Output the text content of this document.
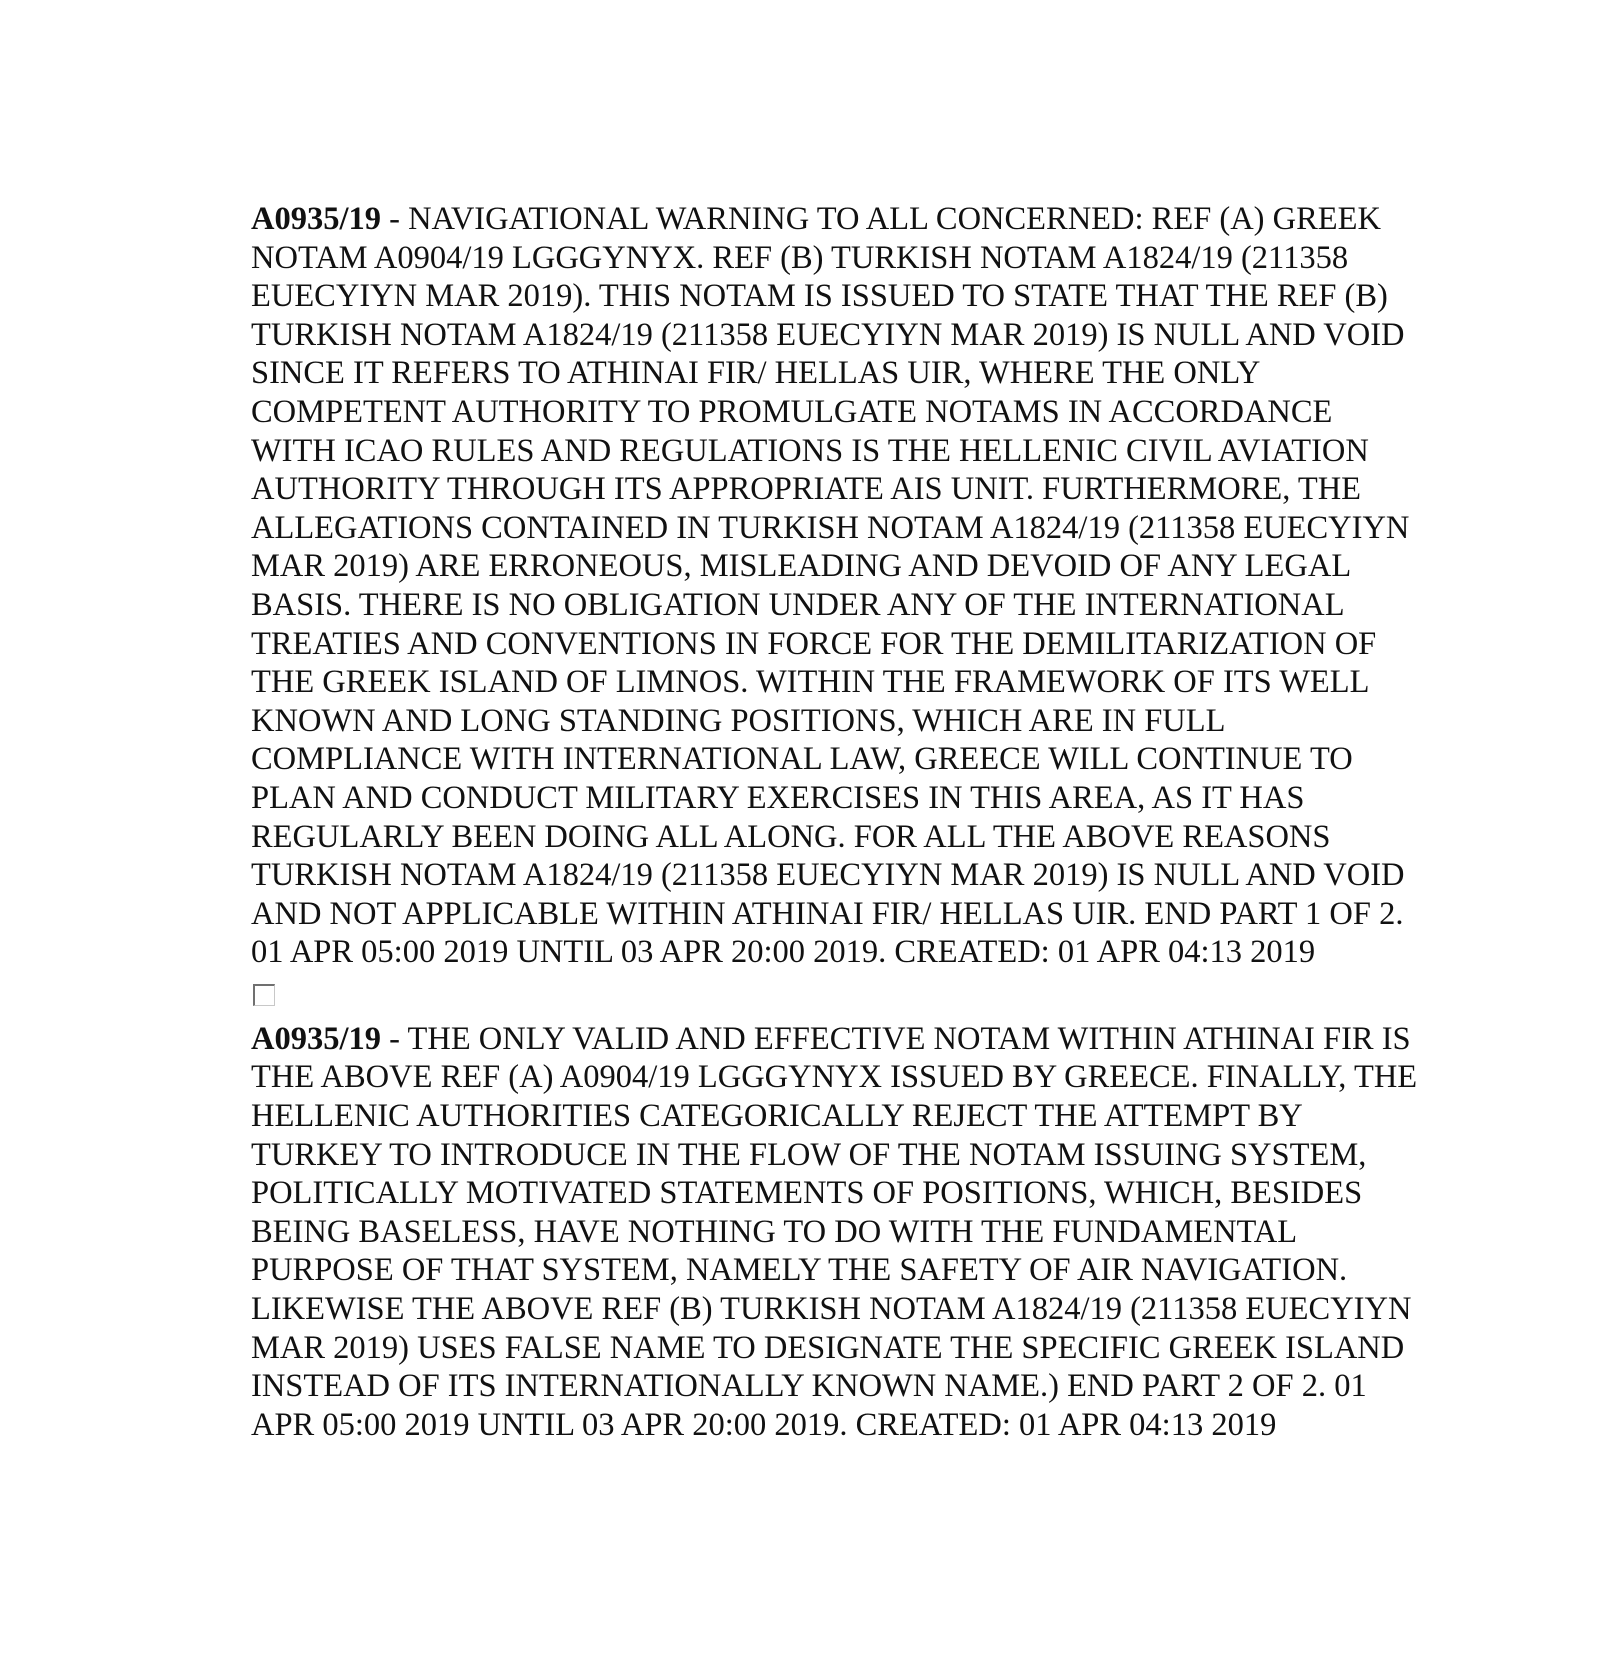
A0935/19 - NAVIGATIONAL WARNING TO ALL CONCERNED: REF (A) GREEK
NOTAM A0904/19 LGGGYNYX. REF (B) TURKISH NOTAM A1824/19 (211358
EUECYIYN MAR 2019). THIS NOTAM IS ISSUED TO STATE THAT THE REF (B)
TURKISH NOTAM A1824/19 (211358 EUECYIYN MAR 2019) IS NULL AND VOID
SINCE IT REFERS TO ATHINAI FIR/ HELLAS UIR, WHERE THE ONLY
COMPETENT AUTHORITY TO PROMULGATE NOTAMS IN ACCORDANCE
WITH ICAO RULES AND REGULATIONS IS THE HELLENIC CIVIL AVIATION
AUTHORITY THROUGH ITS APPROPRIATE AIS UNIT. FURTHERMORE, THE
ALLEGATIONS CONTAINED IN TURKISH NOTAM A1824/19 (211358 EUECYIYN
MAR 2019) ARE ERRONEOUS, MISLEADING AND DEVOID OF ANY LEGAL
BASIS. THERE IS NO OBLIGATION UNDER ANY OF THE INTERNATIONAL
TREATIES AND CONVENTIONS IN FORCE FOR THE DEMILITARIZATION OF
THE GREEK ISLAND OF LIMNOS. WITHIN THE FRAMEWORK OF ITS WELL
KNOWN AND LONG STANDING POSITIONS, WHICH ARE IN FULL
COMPLIANCE WITH INTERNATIONAL LAW, GREECE WILL CONTINUE TO
PLAN AND CONDUCT MILITARY EXERCISES IN THIS AREA, AS IT HAS
REGULARLY BEEN DOING ALL ALONG. FOR ALL THE ABOVE REASONS
TURKISH NOTAM A1824/19 (211358 EUECYIYN MAR 2019) IS NULL AND VOID
AND NOT APPLICABLE WITHIN ATHINAI FIR/ HELLAS UIR. END PART 1 OF 2.
01 APR 05:00 2019 UNTIL 03 APR 20:00 2019. CREATED: 01 APR 04:13 2019
A0935/19 - THE ONLY VALID AND EFFECTIVE NOTAM WITHIN ATHINAI FIR IS
THE ABOVE REF (A) A0904/19 LGGGYNYX ISSUED BY GREECE. FINALLY, THE
HELLENIC AUTHORITIES CATEGORICALLY REJECT THE ATTEMPT BY
TURKEY TO INTRODUCE IN THE FLOW OF THE NOTAM ISSUING SYSTEM,
POLITICALLY MOTIVATED STATEMENTS OF POSITIONS, WHICH, BESIDES
BEING BASELESS, HAVE NOTHING TO DO WITH THE FUNDAMENTAL
PURPOSE OF THAT SYSTEM, NAMELY THE SAFETY OF AIR NAVIGATION.
LIKEWISE THE ABOVE REF (B) TURKISH NOTAM A1824/19 (211358 EUECYIYN
MAR 2019) USES FALSE NAME TO DESIGNATE THE SPECIFIC GREEK ISLAND
INSTEAD OF ITS INTERNATIONALLY KNOWN NAME.) END PART 2 OF 2. 01
APR 05:00 2019 UNTIL 03 APR 20:00 2019. CREATED: 01 APR 04:13 2019
